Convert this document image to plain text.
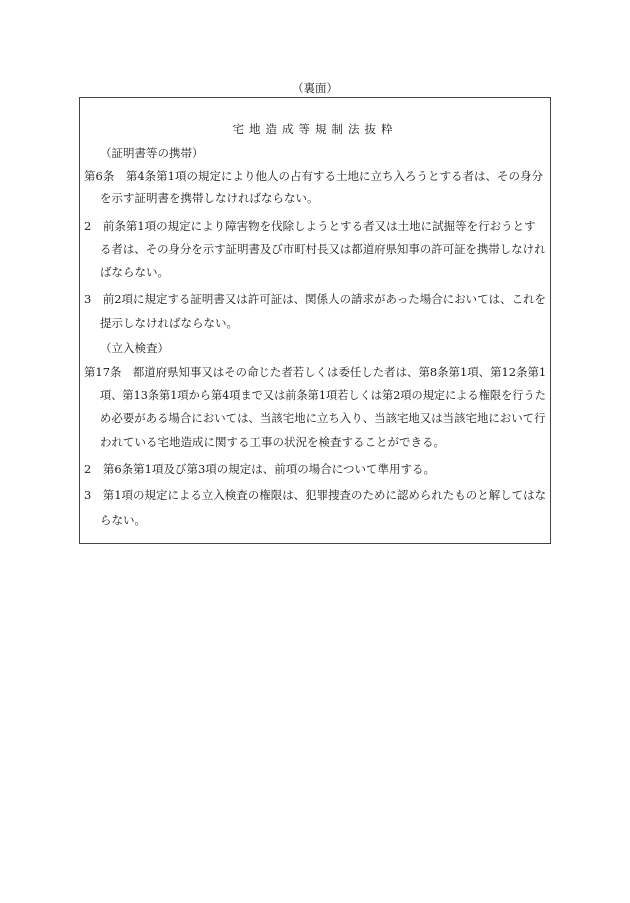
（裏面）
宅地造成等規制法抜粋
（証明書等の携帯）
第6条　第4条第1項の規定により他人の占有する土地に立ち入ろうとする者は、その身分
を示す証明書を携帯しなければならない。
2　前条第1項の規定により障害物を伐除しようとする者又は土地に試掘等を行おうとす
る者は、その身分を示す証明書及び市町村長又は都道府県知事の許可証を携帯しなけれ
ばならない。
3　前2項に規定する証明書又は許可証は、関係人の請求があった場合においては、これを
提示しなければならない。
（立入検査）
第17条　都道府県知事又はその命じた者若しくは委任した者は、第8条第1項、第12条第1
項、第13条第1項から第4項まで又は前条第1項若しくは第2項の規定による権限を行うた
め必要がある場合においては、当該宅地に立ち入り、当該宅地又は当該宅地において行
われている宅地造成に関する工事の状況を検査することができる。
2　第6条第1項及び第3項の規定は、前項の場合について準用する。
3　第1項の規定による立入検査の権限は、犯罪捜査のために認められたものと解してはな
らない。
